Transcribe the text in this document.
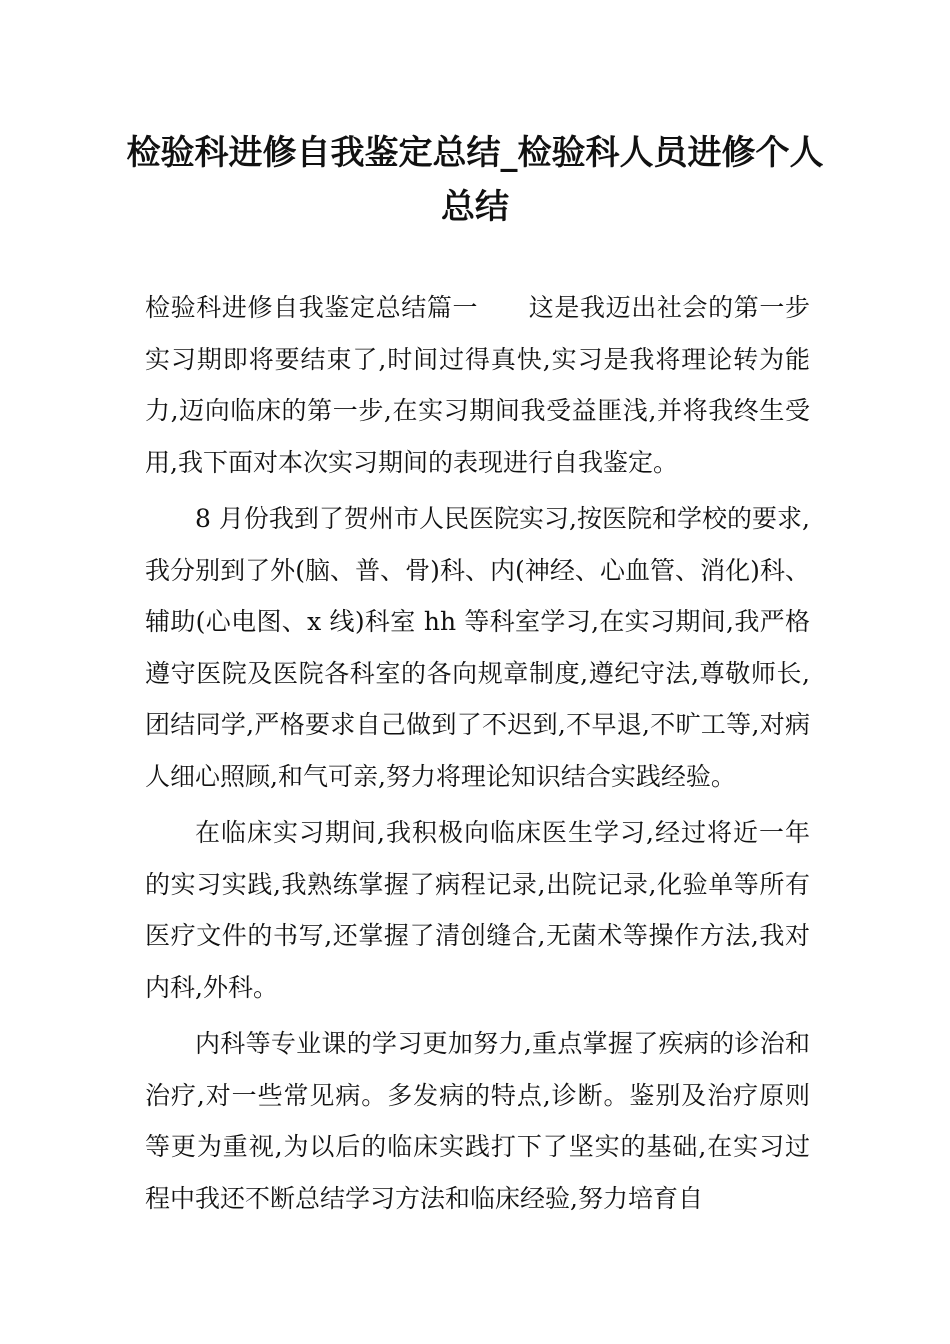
检验科进修自我鉴定总结_检验科人员进修个人总结

检验科进修自我鉴定总结篇一 这是我迈出社会的第一步实习期即将要结束了,时间过得真快,实习是我将理论转为能力,迈向临床的第一步,在实习期间我受益匪浅,并将我终生受用,我下面对本次实习期间的表现进行自我鉴定。

8 月份我到了贺州市人民医院实习,按医院和学校的要求,我分别到了外(脑、普、骨)科、内(神经、心血管、消化)科、辅助(心电图、x 线)科室 hh 等科室学习,在实习期间,我严格遵守医院及医院各科室的各向规章制度,遵纪守法,尊敬师长,团结同学,严格要求自己做到了不迟到,不早退,不旷工等,对病人细心照顾,和气可亲,努力将理论知识结合实践经验。

在临床实习期间,我积极向临床医生学习,经过将近一年的实习实践,我熟练掌握了病程记录,出院记录,化验单等所有医疗文件的书写,还掌握了清创缝合,无菌术等操作方法,我对内科,外科。

内科等专业课的学习更加努力,重点掌握了疾病的诊治和治疗,对一些常见病。多发病的特点,诊断。鉴别及治疗原则等更为重视,为以后的临床实践打下了坚实的基础,在实习过程中我还不断总结学习方法和临床经验,努力培育自
